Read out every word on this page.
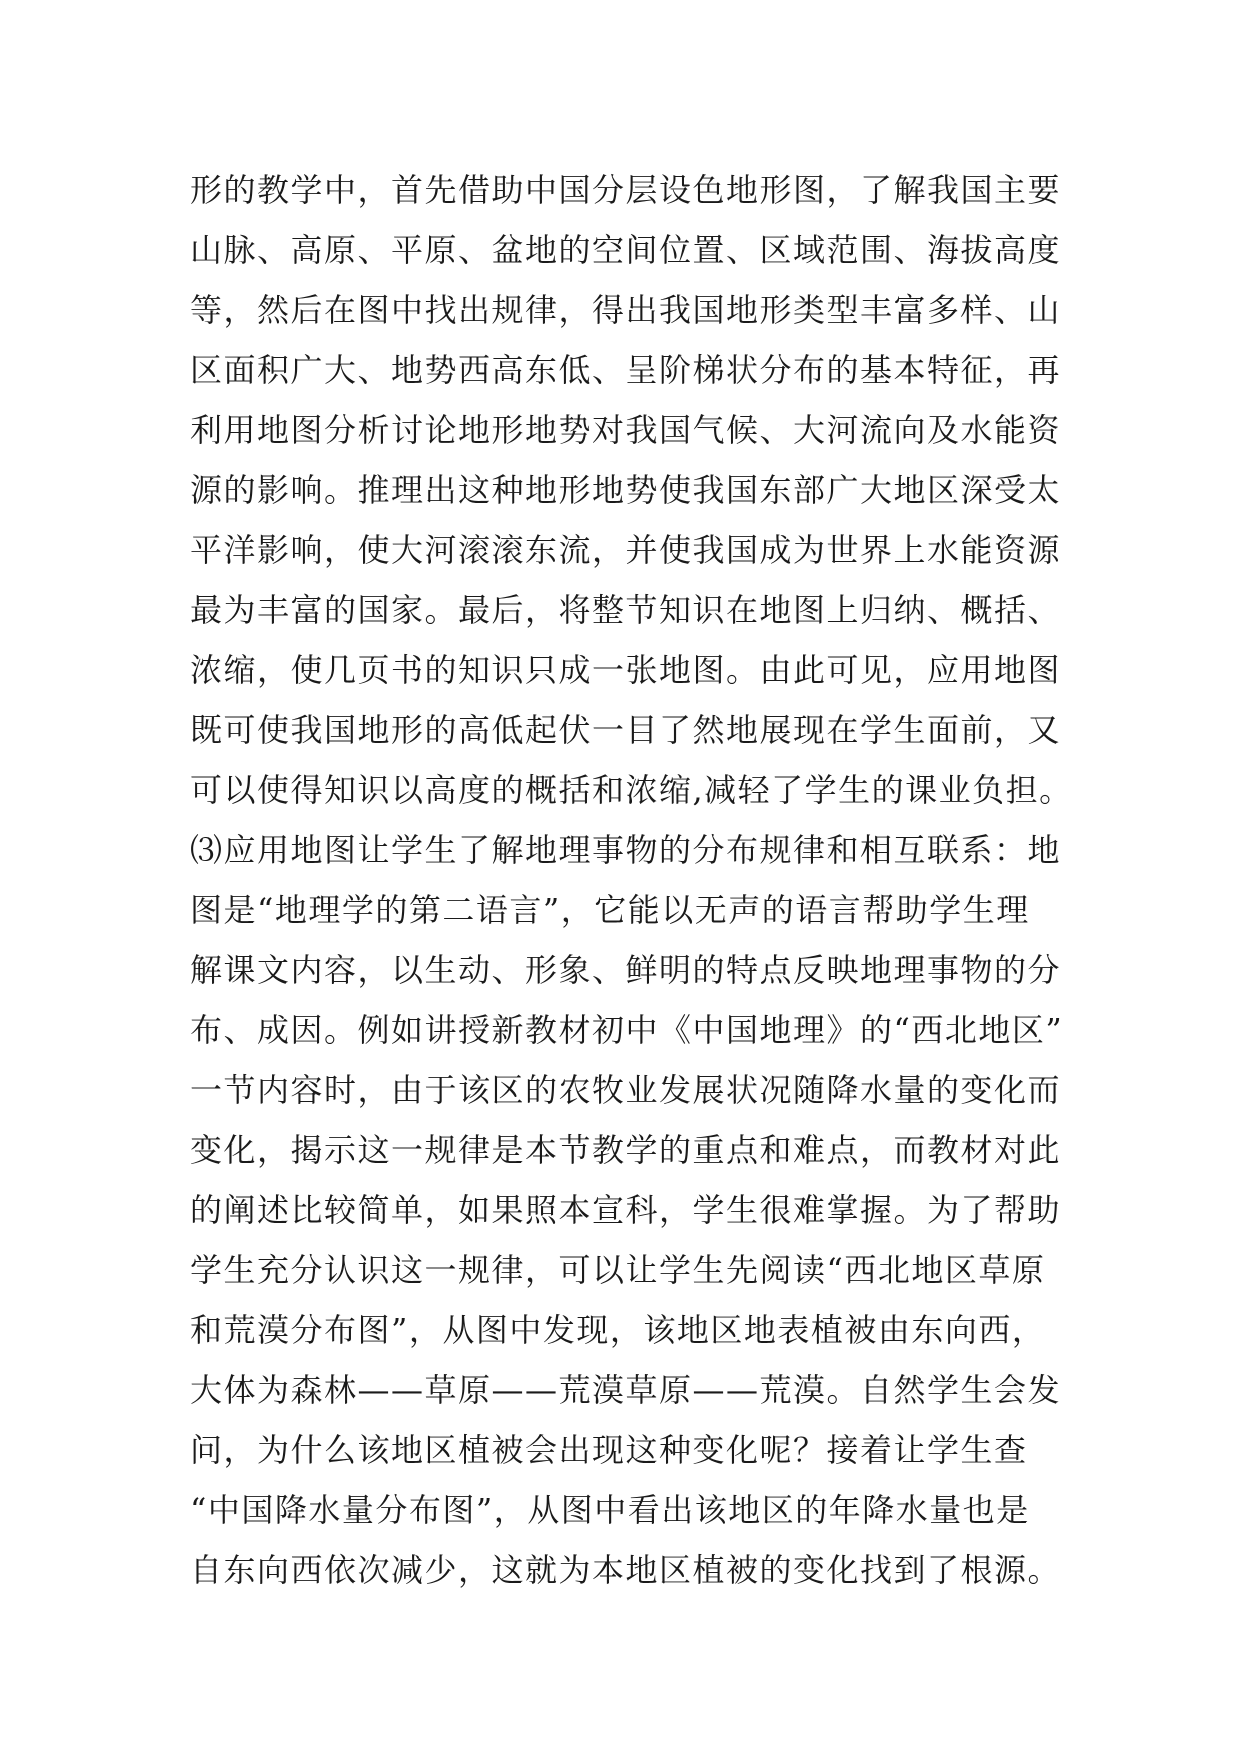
形的教学中，首先借助中国分层设色地形图，了解我国主要
山脉、高原、平原、盆地的空间位置、区域范围、海拔高度
等，然后在图中找出规律，得出我国地形类型丰富多样、山
区面积广大、地势西高东低、呈阶梯状分布的基本特征，再
利用地图分析讨论地形地势对我国气候、大河流向及水能资
源的影响。推理出这种地形地势使我国东部广大地区深受太
平洋影响，使大河滚滚东流，并使我国成为世界上水能资源
最为丰富的国家。最后，将整节知识在地图上归纳、概括、
浓缩，使几页书的知识只成一张地图。由此可见，应用地图
既可使我国地形的高低起伏一目了然地展现在学生面前，又
可以使得知识以高度的概括和浓缩,减轻了学生的课业负担。
⑶应用地图让学生了解地理事物的分布规律和相互联系：地
图是“地理学的第二语言”，它能以无声的语言帮助学生理
解课文内容，以生动、形象、鲜明的特点反映地理事物的分
布、成因。例如讲授新教材初中《中国地理》的“西北地区”
一节内容时，由于该区的农牧业发展状况随降水量的变化而
变化，揭示这一规律是本节教学的重点和难点，而教材对此
的阐述比较简单，如果照本宣科，学生很难掌握。为了帮助
学生充分认识这一规律，可以让学生先阅读“西北地区草原
和荒漠分布图”，从图中发现，该地区地表植被由东向西，
大体为森林——草原——荒漠草原——荒漠。自然学生会发
问，为什么该地区植被会出现这种变化呢？接着让学生查
“中国降水量分布图”，从图中看出该地区的年降水量也是
自东向西依次减少，这就为本地区植被的变化找到了根源。
